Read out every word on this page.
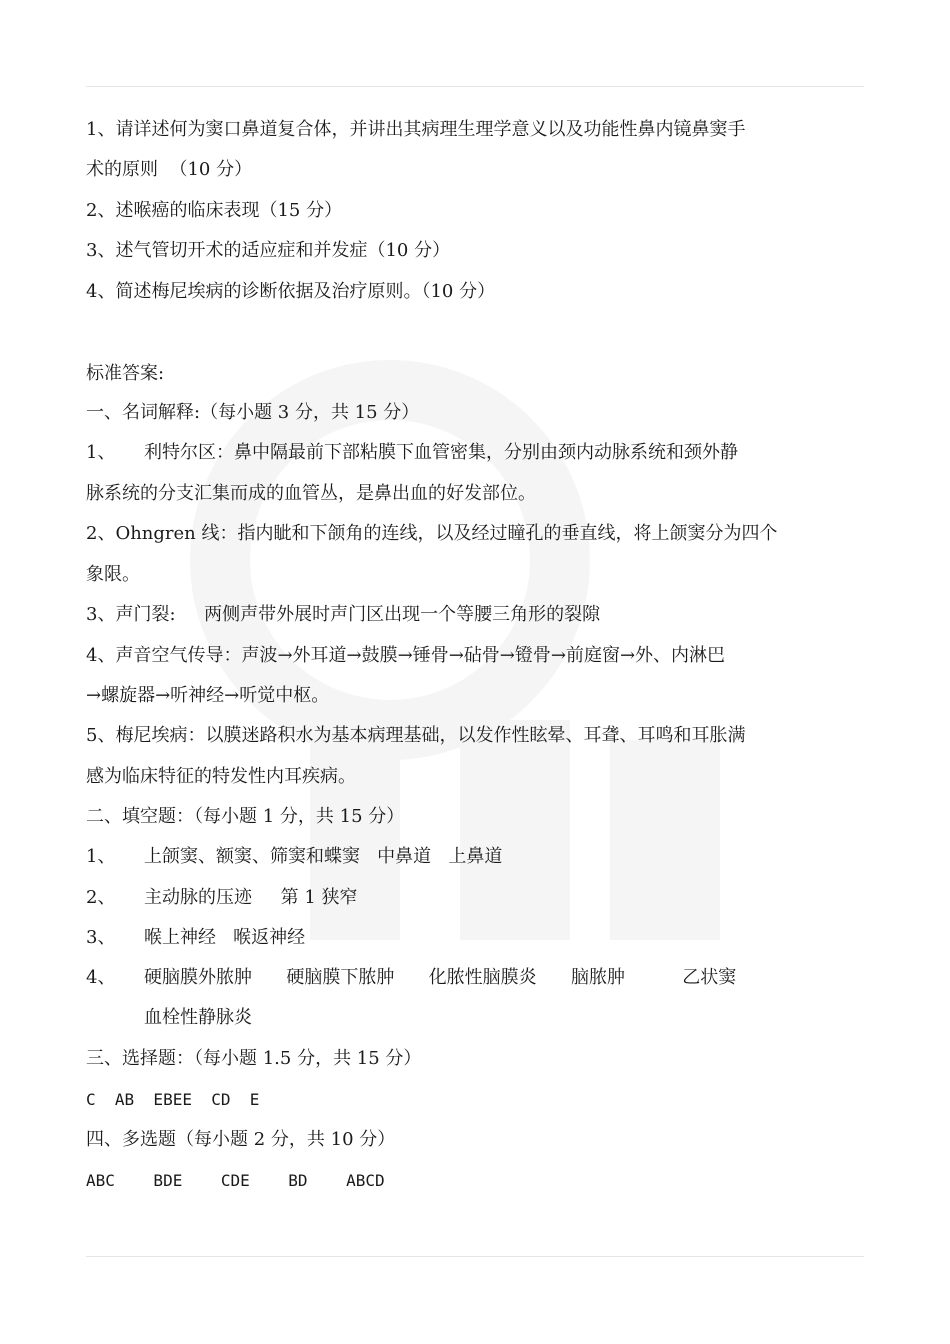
1、请详述何为窦口鼻道复合体，并讲出其病理生理学意义以及功能性鼻内镜鼻窦手
术的原则  （10 分）
2、述喉癌的临床表现（15 分）
3、述气管切开术的适应症和并发症（10 分）
4、简述梅尼埃病的诊断依据及治疗原则。（10 分）
标准答案:
一、名词解释:（每小题 3 分，共 15 分）
1、     利特尔区：鼻中隔最前下部粘膜下血管密集，分别由颈内动脉系统和颈外静
脉系统的分支汇集而成的血管丛，是鼻出血的好发部位。
2、Ohngren 线：指内眦和下颌角的连线，以及经过瞳孔的垂直线，将上颌窦分为四个
象限。
3、声门裂:     两侧声带外展时声门区出现一个等腰三角形的裂隙
4、声音空气传导：声波→外耳道→鼓膜→锤骨→砧骨→镫骨→前庭窗→外、内淋巴
→螺旋器→听神经→听觉中枢。
5、梅尼埃病：以膜迷路积水为基本病理基础，以发作性眩晕、耳聋、耳鸣和耳胀满
感为临床特征的特发性内耳疾病。
二、填空题：（每小题 1 分，共 15 分）
1、 上颌窦、额窦、筛窦和蝶窦   中鼻道   上鼻道
2、 主动脉的压迹     第 1 狭窄
3、 喉上神经   喉返神经
4、 硬脑膜外脓肿      硬脑膜下脓肿      化脓性脑膜炎      脑脓肿          乙状窦
血栓性静脉炎
三、选择题：（每小题 1.5 分，共 15 分）
C  AB  EBEE  CD  E
四、多选题（每小题 2 分，共 10 分）
ABC    BDE    CDE    BD    ABCD
